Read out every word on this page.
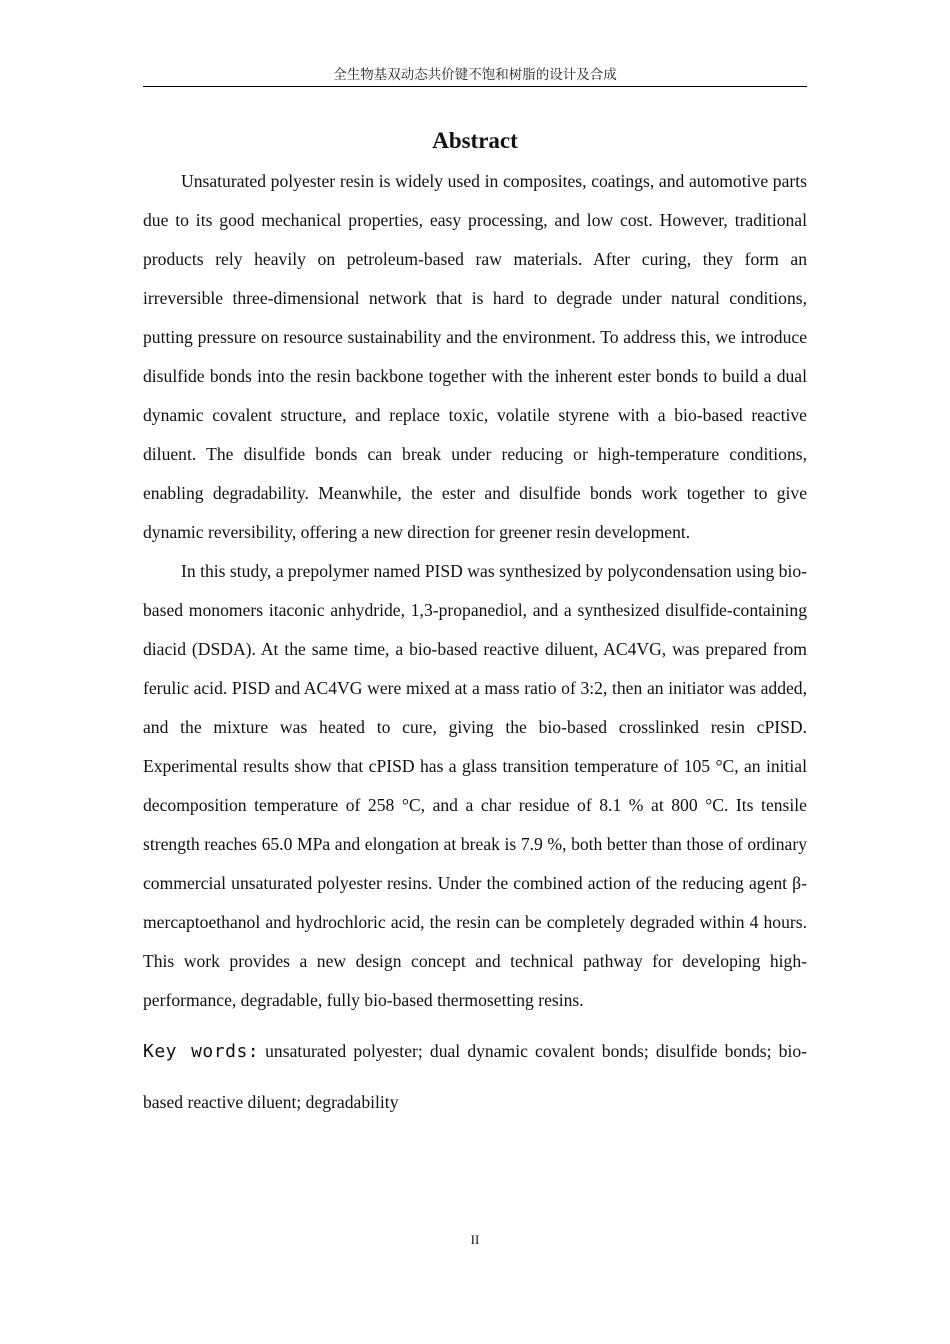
全生物基双动态共价键不饱和树脂的设计及合成
Abstract

Unsaturated polyester resin is widely used in composites, coatings, and automotive parts due to its good mechanical properties, easy processing, and low cost. However, traditional products rely heavily on petroleum-based raw materials. After curing, they form an irreversible three-dimensional network that is hard to degrade under natural conditions, putting pressure on resource sustainability and the environment. To address this, we introduce disulfide bonds into the resin backbone together with the inherent ester bonds to build a dual dynamic covalent structure, and replace toxic, volatile styrene with a bio-based reactive diluent. The disulfide bonds can break under reducing or high-temperature conditions, enabling degradability. Meanwhile, the ester and disulfide bonds work together to give dynamic reversibility, offering a new direction for greener resin development.

In this study, a prepolymer named PISD was synthesized by polycondensation using bio-based monomers itaconic anhydride, 1,3-propanediol, and a synthesized disulfide-containing diacid (DSDA). At the same time, a bio-based reactive diluent, AC4VG, was prepared from ferulic acid. PISD and AC4VG were mixed at a mass ratio of 3:2, then an initiator was added, and the mixture was heated to cure, giving the bio-based crosslinked resin cPISD. Experimental results show that cPISD has a glass transition temperature of 105 °C, an initial decomposition temperature of 258 °C, and a char residue of 8.1 % at 800 °C. Its tensile strength reaches 65.0 MPa and elongation at break is 7.9 %, both better than those of ordinary commercial unsaturated polyester resins. Under the combined action of the reducing agent β-mercaptoethanol and hydrochloric acid, the resin can be completely degraded within 4 hours. This work provides a new design concept and technical pathway for developing high-performance, degradable, fully bio-based thermosetting resins.

Key words: unsaturated polyester; dual dynamic covalent bonds; disulfide bonds; bio-based reactive diluent; degradability

II
